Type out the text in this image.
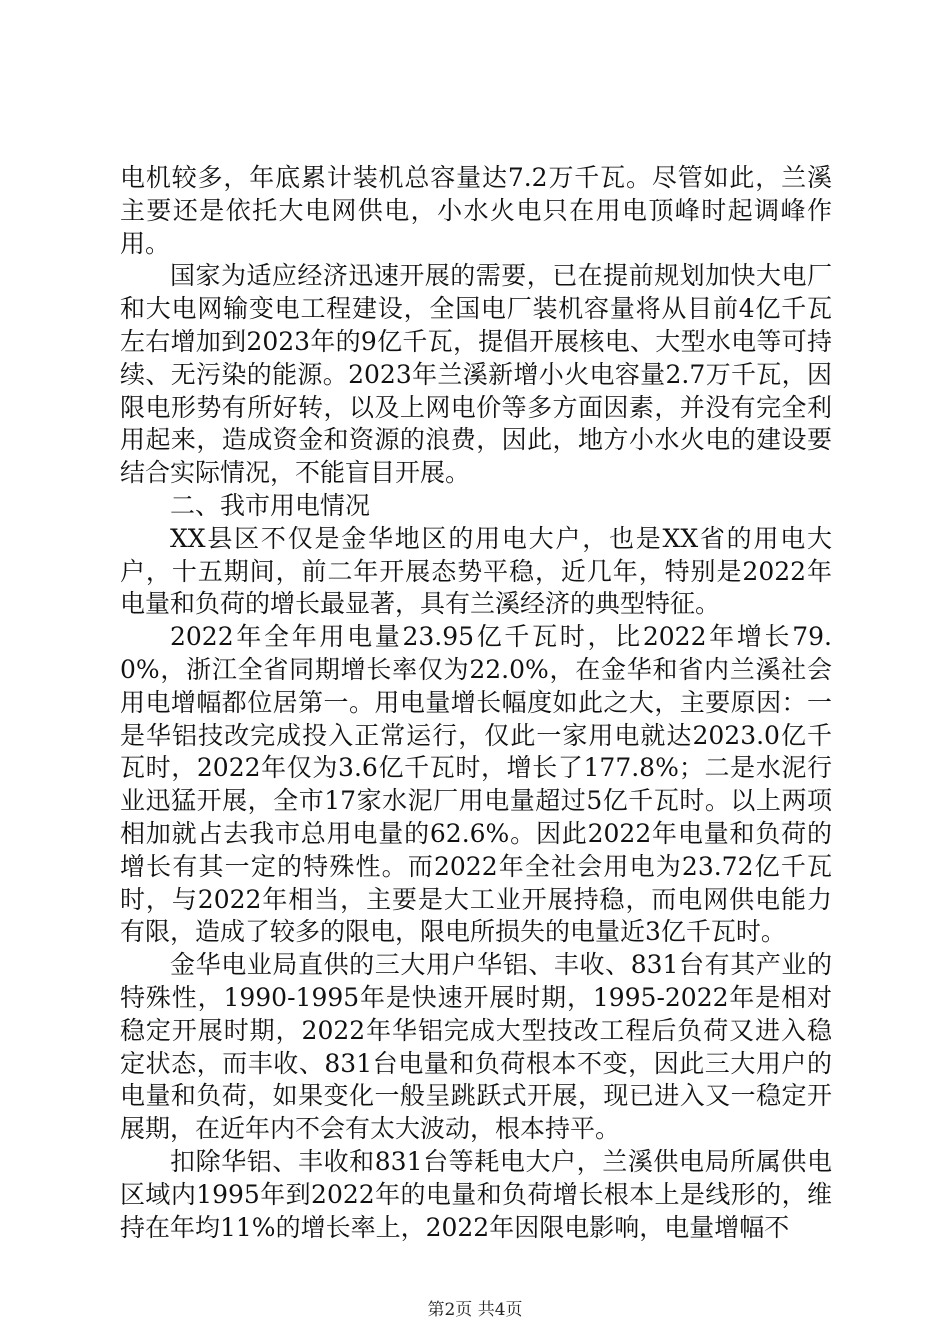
电机较多，年底累计装机总容量达7.2万千瓦。尽管如此，兰溪主要还是依托大电网供电，小水火电只在用电顶峰时起调峰作用。

国家为适应经济迅速开展的需要，已在提前规划加快大电厂和大电网输变电工程建设，全国电厂装机容量将从目前4亿千瓦左右增加到2023年的9亿千瓦，提倡开展核电、大型水电等可持续、无污染的能源。2023年兰溪新增小火电容量2.7万千瓦，因限电形势有所好转，以及上网电价等多方面因素，并没有完全利用起来，造成资金和资源的浪费，因此，地方小水火电的建设要结合实际情况，不能盲目开展。

二、我市用电情况

XX县区不仅是金华地区的用电大户，也是XX省的用电大户，十五期间，前二年开展态势平稳，近几年，特别是2022年电量和负荷的增长最显著，具有兰溪经济的典型特征。

2022年全年用电量23.95亿千瓦时，比2022年增长79.0%，浙江全省同期增长率仅为22.0%，在金华和省内兰溪社会用电增幅都位居第一。用电量增长幅度如此之大，主要原因：一是华铝技改完成投入正常运行，仅此一家用电就达2023.0亿千瓦时，2022年仅为3.6亿千瓦时，增长了177.8%；二是水泥行业迅猛开展，全市17家水泥厂用电量超过5亿千瓦时。以上两项相加就占去我市总用电量的62.6%。因此2022年电量和负荷的增长有其一定的特殊性。而2022年全社会用电为23.72亿千瓦时，与2022年相当，主要是大工业开展持稳，而电网供电能力有限，造成了较多的限电，限电所损失的电量近3亿千瓦时。

金华电业局直供的三大用户华铝、丰收、831台有其产业的特殊性，1990-1995年是快速开展时期，1995-2022年是相对稳定开展时期，2022年华铝完成大型技改工程后负荷又进入稳定状态，而丰收、831台电量和负荷根本不变，因此三大用户的电量和负荷，如果变化一般呈跳跃式开展，现已进入又一稳定开展期，在近年内不会有太大波动，根本持平。

扣除华铝、丰收和831台等耗电大户，兰溪供电局所属供电区域内1995年到2022年的电量和负荷增长根本上是线形的，维持在年均11%的增长率上，2022年因限电影响，电量增幅不

第2页 共4页
